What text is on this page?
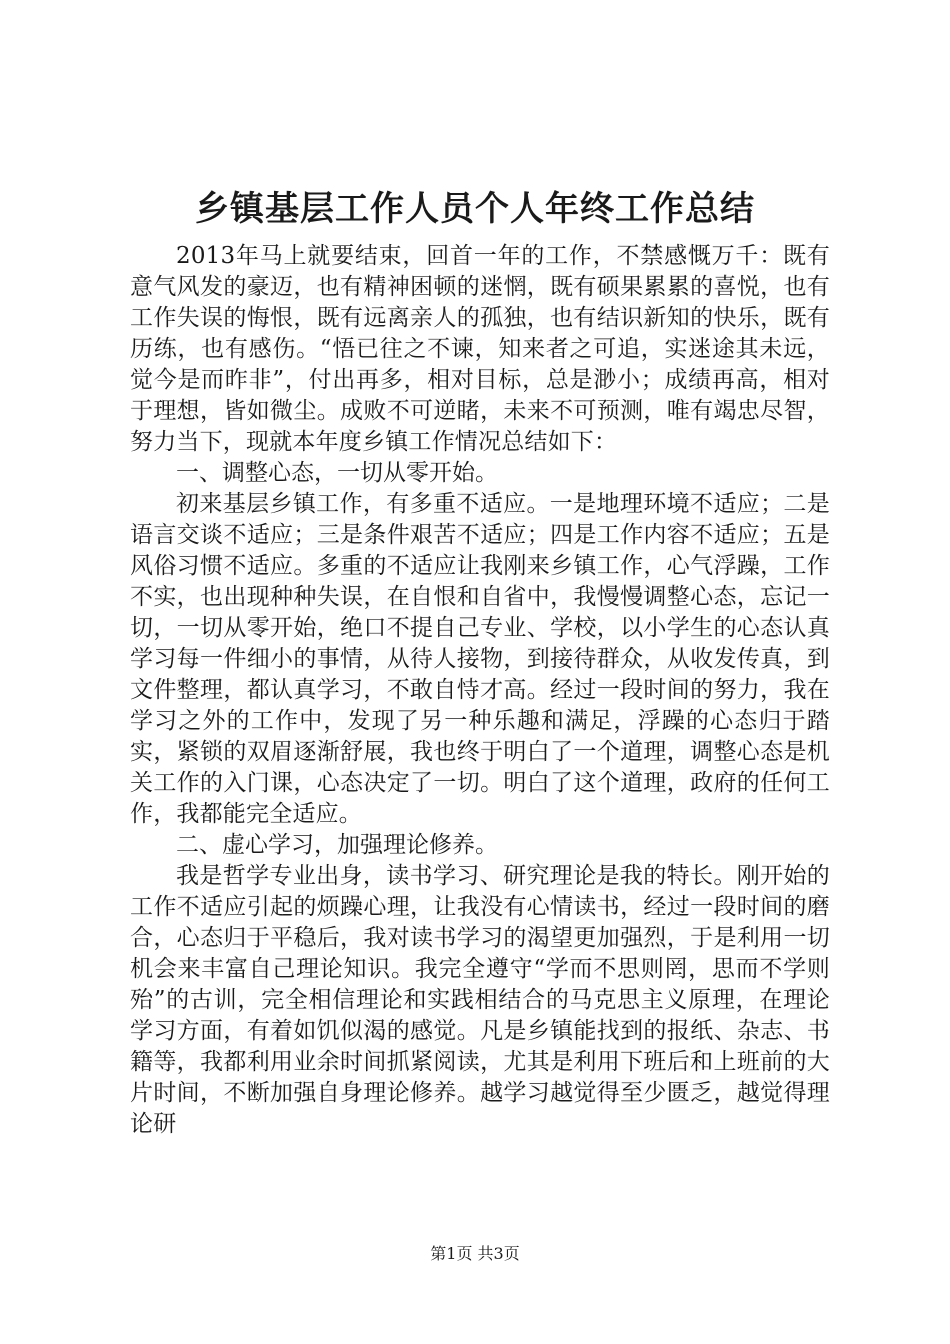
乡镇基层工作人员个人年终工作总结

2013年马上就要结束，回首一年的工作，不禁感慨万千：既有意气风发的豪迈，也有精神困顿的迷惘，既有硕果累累的喜悦，也有工作失误的悔恨，既有远离亲人的孤独，也有结识新知的快乐，既有历练，也有感伤。“悟已往之不谏，知来者之可追，实迷途其未远，觉今是而昨非”，付出再多，相对目标，总是渺小；成绩再高，相对于理想，皆如微尘。成败不可逆睹，未来不可预测，唯有竭忠尽智，努力当下，现就本年度乡镇工作情况总结如下：

一、调整心态，一切从零开始。

初来基层乡镇工作，有多重不适应。一是地理环境不适应；二是语言交谈不适应；三是条件艰苦不适应；四是工作内容不适应；五是风俗习惯不适应。多重的不适应让我刚来乡镇工作，心气浮躁，工作不实，也出现种种失误，在自恨和自省中，我慢慢调整心态，忘记一切，一切从零开始，绝口不提自己专业、学校，以小学生的心态认真学习每一件细小的事情，从待人接物，到接待群众，从收发传真，到文件整理，都认真学习，不敢自恃才高。经过一段时间的努力，我在学习之外的工作中，发现了另一种乐趣和满足，浮躁的心态归于踏实，紧锁的双眉逐渐舒展，我也终于明白了一个道理，调整心态是机关工作的入门课，心态决定了一切。明白了这个道理，政府的任何工作，我都能完全适应。

二、虚心学习，加强理论修养。

我是哲学专业出身，读书学习、研究理论是我的特长。刚开始的工作不适应引起的烦躁心理，让我没有心情读书，经过一段时间的磨合，心态归于平稳后，我对读书学习的渴望更加强烈，于是利用一切机会来丰富自己理论知识。我完全遵守“学而不思则罔，思而不学则殆”的古训，完全相信理论和实践相结合的马克思主义原理，在理论学习方面，有着如饥似渴的感觉。凡是乡镇能找到的报纸、杂志、书籍等，我都利用业余时间抓紧阅读，尤其是利用下班后和上班前的大片时间，不断加强自身理论修养。越学习越觉得至少匮乏，越觉得理论研

第1页 共3页
